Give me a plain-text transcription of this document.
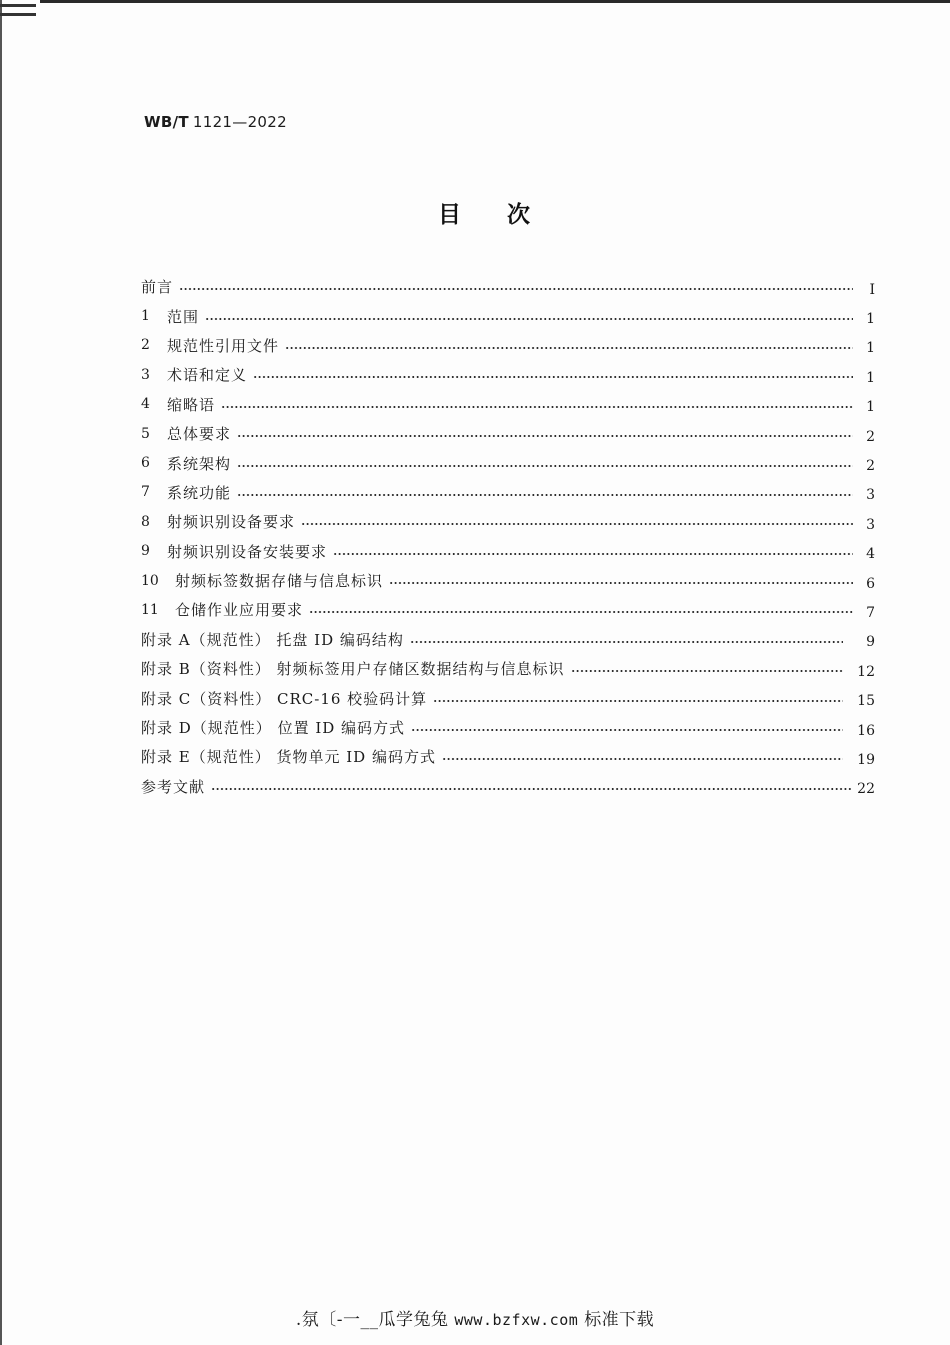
WB/T 1121—2022
目次
前言	Ⅰ
1	范围	1
2	规范性引用文件	1
3	术语和定义	1
4	缩略语	1
5	总体要求	2
6	系统架构	2
7	系统功能	3
8	射频识别设备要求	3
9	射频识别设备安装要求	4
10	射频标签数据存储与信息标识	6
11	仓储作业应用要求	7
附录 A（规范性） 托盘 ID 编码结构	9
附录 B（资料性） 射频标签用户存储区数据结构与信息标识	12
附录 C（资料性） CRC-16 校验码计算	15
附录 D（规范性） 位置 ID 编码方式	16
附录 E（规范性） 货物单元 ID 编码方式	19
参考文献	22
.氛〔-一__瓜学兔兔 www.bzfxw.com 标准下载
